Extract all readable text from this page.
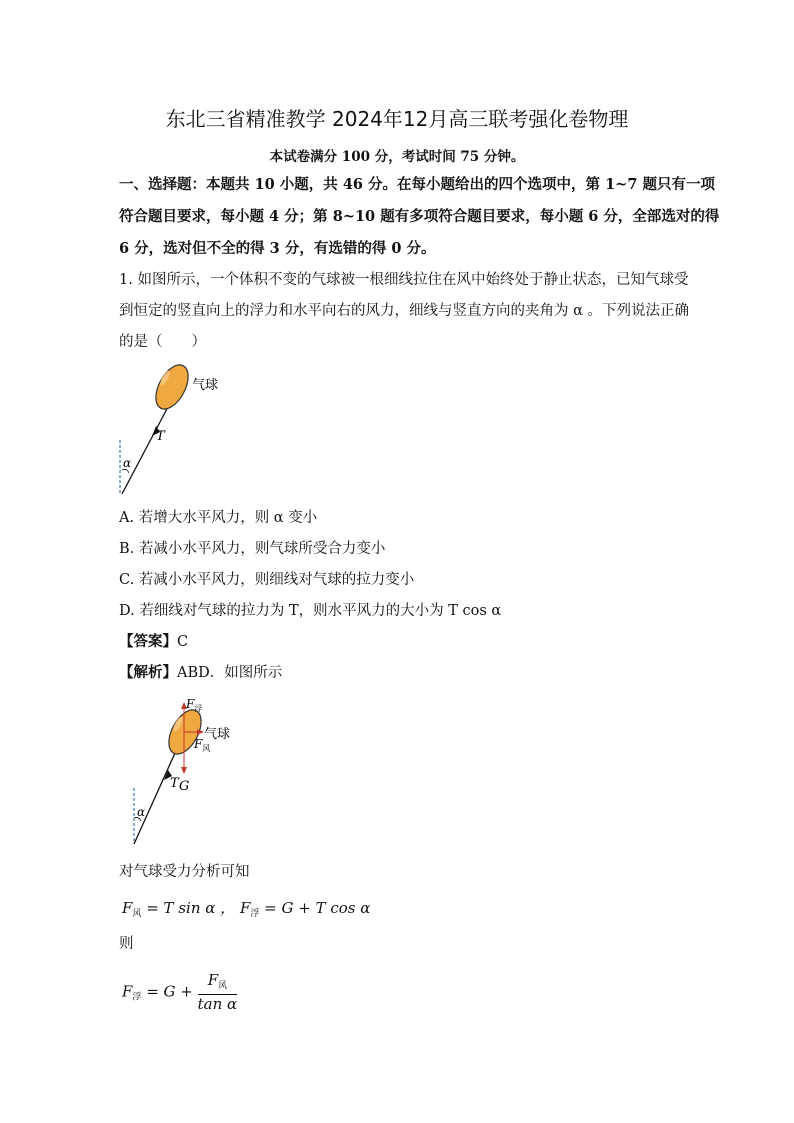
东北三省精准教学 2024年12月高三联考强化卷物理
本试卷满分 100 分，考试时间 75 分钟。
一、选择题：本题共 10 小题，共 46 分。在每小题给出的四个选项中，第 1~7 题只有一项
符合题目要求，每小题 4 分；第 8~10 题有多项符合题目要求，每小题 6 分，全部选对的得
6 分，选对但不全的得 3 分，有选错的得 0 分。
1. 如图所示，一个体积不变的气球被一根细线拉住在风中始终处于静止状态，已知气球受
到恒定的竖直向上的浮力和水平向右的风力，细线与竖直方向的夹角为 α 。下列说法正确
的是（　　）
气球
T
α
A. 若增大水平风力，则 α 变小
B. 若减小水平风力，则气球所受合力变小
C. 若减小水平风力，则细线对气球的拉力变小
D. 若细线对气球的拉力为 T，则水平风力的大小为 T cos α
【答案】C
【解析】ABD．如图所示
$F_浮$
气球
$F_风$
T G
α
对气球受力分析可知
$F_风 = T$ sin α ， $F_浮 = G + T$ cos α
则
$F_浮 = G + \frac{F_风}{\text{tan α}}$
